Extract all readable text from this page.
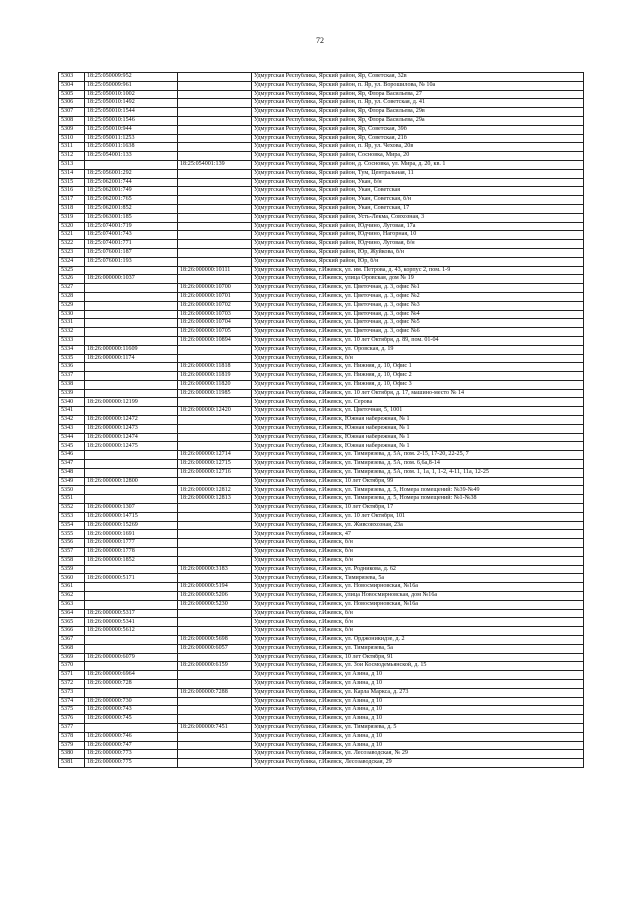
72
5303	18:25:050009:952		Удмуртская Республика, Ярский район, Яр, Советская, 32в
5304	18:25:050009:961		Удмуртская Республика, Ярский район, п. Яр, ул. Ворошилова, № 10а
5305	18:25:050010:1002		Удмуртская Республика, Ярский район, Яр, Флора Васильева, 27
5306	18:25:050010:1492		Удмуртская Республика, Ярский район, п. Яр, ул. Советская, д. 41
5307	18:25:050010:1544		Удмуртская Республика, Ярский район, Яр, Флора Васильева, 29в
5308	18:25:050010:1546		Удмуртская Республика, Ярский район, Яр, Флора Васильева, 29а
5309	18:25:050010:944		Удмуртская Республика, Ярский район, Яр, Советская, 39б
5310	18:25:050011:1253		Удмуртская Республика, Ярский район, Яр, Советская, 21б
5311	18:25:050011:1638		Удмуртская Республика, Ярский район, п. Яр, ул. Чехова, 20в
5312	18:25:054001:133		Удмуртская Республика, Ярский район, Сосновка, Мира, 20
5313		18:25:054001:139	Удмуртская Республика, Ярский район, д. Сосновка, ул. Мира, д. 20, кв. 1
5314	18:25:056001:292		Удмуртская Республика, Ярский район, Тум, Центральная, 11
5315	18:25:062001:744		Удмуртская Республика, Ярский район, Укан, б/н
5316	18:25:062001:749		Удмуртская Республика, Ярский район, Укан, Советская
5317	18:25:062001:765		Удмуртская Республика, Ярский район, Укан, Советская, б/н
5318	18:25:062001:852		Удмуртская Республика, Ярский район, Укан, Советская, 17
5319	18:25:063001:185		Удмуртская Республика, Ярский район, Усть-Лекма, Совхозная, 3
5320	18:25:074001:719		Удмуртская Республика, Ярский район, Юдчино, Луговая, 17а
5321	18:25:074001:743		Удмуртская Республика, Ярский район, Юдчино, Нагорная, 10
5322	18:25:074001:771		Удмуртская Республика, Ярский район, Юдчино, Луговая, б/н
5323	18:25:076001:187		Удмуртская Республика, Ярский район, Юр, Жуйкова, б/н
5324	18:25:076001:193		Удмуртская Республика, Ярский район, Юр, б/н
5325		18:26:000000:10111	Удмуртская Республика, г.Ижевск, ул. им. Петрова, д. 43, корпус 2, пом. 1-9
5326	18:26:000000:1037		Удмуртская Республика, г.Ижевск, улица Оровская, дом № 19
5327		18:26:000000:10700	Удмуртская Республика, г.Ижевск, ул. Цветочная, д. 3, офис №1
5328		18:26:000000:10701	Удмуртская Республика, г.Ижевск, ул. Цветочная, д. 3, офис №2
5329		18:26:000000:10702	Удмуртская Республика, г.Ижевск, ул. Цветочная, д. 3, офис №3
5330		18:26:000000:10703	Удмуртская Республика, г.Ижевск, ул. Цветочная, д. 3, офис №4
5331		18:26:000000:10704	Удмуртская Республика, г.Ижевск, ул. Цветочная, д. 3, офис №5
5332		18:26:000000:10705	Удмуртская Республика, г.Ижевск, ул. Цветочная, д. 3, офис №6
5333		18:26:000000:10894	Удмуртская Республика, г.Ижевск, ул. 10 лет Октября, д. 89, пом. 01-04
5334	18:26:000000:11609		Удмуртская Республика, г.Ижевск, ул. Оровская, д. 19
5335	18:26:000000:1174		Удмуртская Республика, г.Ижевск, б/н
5336		18:26:000000:11818	Удмуртская Республика, г.Ижевск, ул. Нижняя, д. 10, Офис 1
5337		18:26:000000:11819	Удмуртская Республика, г.Ижевск, ул. Нижняя, д. 10, Офис 2
5338		18:26:000000:11820	Удмуртская Республика, г.Ижевск, ул. Нижняя, д. 10, Офис 3
5339		18:26:000000:11985	Удмуртская Республика, г.Ижевск, ул. 10 лет Октября, д. 17, машино-место № 14
5340	18:26:000000:12199		Удмуртская Республика, г.Ижевск, ул. Серова
5341		18:26:000000:12420	Удмуртская Республика, г.Ижевск, ул. Цветочная, 5, 1001
5342	18:26:000000:12472		Удмуртская Республика, г.Ижевск, Южная набережная, № 1
5343	18:26:000000:12473		Удмуртская Республика, г.Ижевск, Южная набережная, № 1
5344	18:26:000000:12474		Удмуртская Республика, г.Ижевск, Южная набережная, № 1
5345	18:26:000000:12475		Удмуртская Республика, г.Ижевск, Южная набережная, № 1
5346		18:26:000000:12714	Удмуртская Республика, г.Ижевск, ул. Тимирязева, д. 5А, пом. 2-15, 17-20, 22-25, 7
5347		18:26:000000:12715	Удмуртская Республика, г.Ижевск, ул. Тимирязева, д. 5А, пом. 6,6а,8-14
5348		18:26:000000:12716	Удмуртская Республика, г.Ижевск, ул. Тимирязева, д. 5А, пом. 1, 1а, 1, 1-2, 4-11, 11а, 12-25
5349	18:26:000000:12800		Удмуртская Республика, г.Ижевск, 10 лет Октября, 99
5350		18:26:000000:12812	Удмуртская Республика, г.Ижевск, ул. Тимирязева, д. 5, Номера помещений: №39-№49
5351		18:26:000000:12813	Удмуртская Республика, г.Ижевск, ул. Тимирязева, д. 5, Номера помещений: №1-№38
5352	18:26:000000:1307		Удмуртская Республика, г.Ижевск, 10 лет Октября, 17
5353	18:26:000000:14715		Удмуртская Республика, г.Ижевск, ул. 10 лет Октября, 101
5354	18:26:000000:15269		Удмуртская Республика, г.Ижевск, ул. Живсовхозная, 23а
5355	18:26:000000:1691		Удмуртская Республика, г.Ижевск, 47
5356	18:26:000000:1777		Удмуртская Республика, г.Ижевск, б/н
5357	18:26:000000:1778		Удмуртская Республика, г.Ижевск, б/н
5358	18:26:000000:1852		Удмуртская Республика, г.Ижевск, б/н
5359		18:26:000000:3183	Удмуртская Республика, г.Ижевск, ул. Родникова, д. 62
5360	18:26:000000:5171		Удмуртская Республика, г.Ижевск, Тимирязева, 5а
5361		18:26:000000:5194	Удмуртская Республика, г.Ижевск, ул. Новосмирновская, №16а
5362		18:26:000000:5206	Удмуртская Республика, г.Ижевск, улица Новосмирновская, дом №16а
5363		18:26:000000:5230	Удмуртская Республика, г.Ижевск, ул. Новосмирновская, №16а
5364	18:26:000000:5317		Удмуртская Республика, г.Ижевск, б/н
5365	18:26:000000:5341		Удмуртская Республика, г.Ижевск, б/н
5366	18:26:000000:5612		Удмуртская Республика, г.Ижевск, б/н
5367		18:26:000000:5698	Удмуртская Республика, г.Ижевск, ул. Орджоникидзе, д. 2
5368		18:26:000000:6057	Удмуртская Республика, г.Ижевск, ул. Тимирязева, 5а
5369	18:26:000000:6079		Удмуртская Республика, г.Ижевск, 10 лет Октября, 91
5370		18:26:000000:6159	Удмуртская Республика, г.Ижевск, ул. Зои Космодемьянской, д. 15
5371	18:26:000000:6964		Удмуртская Республика, г.Ижевск, ул Азина, д 10
5372	18:26:000000:728		Удмуртская Республика, г.Ижевск, ул Азина, д 10
5373		18:26:000000:7288	Удмуртская Республика, г.Ижевск, ул. Карла Маркса, д. 273
5374	18:26:000000:730		Удмуртская Республика, г.Ижевск, ул Азина, д 10
5375	18:26:000000:743		Удмуртская Республика, г.Ижевск, ул Азина, д 10
5376	18:26:000000:745		Удмуртская Республика, г.Ижевск, ул Азина, д 10
5377		18:26:000000:7451	Удмуртская Республика, г.Ижевск, ул. Тимирязева, д. 5
5378	18:26:000000:746		Удмуртская Республика, г.Ижевск, ул Азина, д 10
5379	18:26:000000:747		Удмуртская Республика, г.Ижевск, ул Азина, д 10
5380	18:26:000000:773		Удмуртская Республика, г.Ижевск, ул. Лесозаводская, № 29
5381	18:26:000000:775		Удмуртская Республика, г.Ижевск, Лесозаводская, 29
